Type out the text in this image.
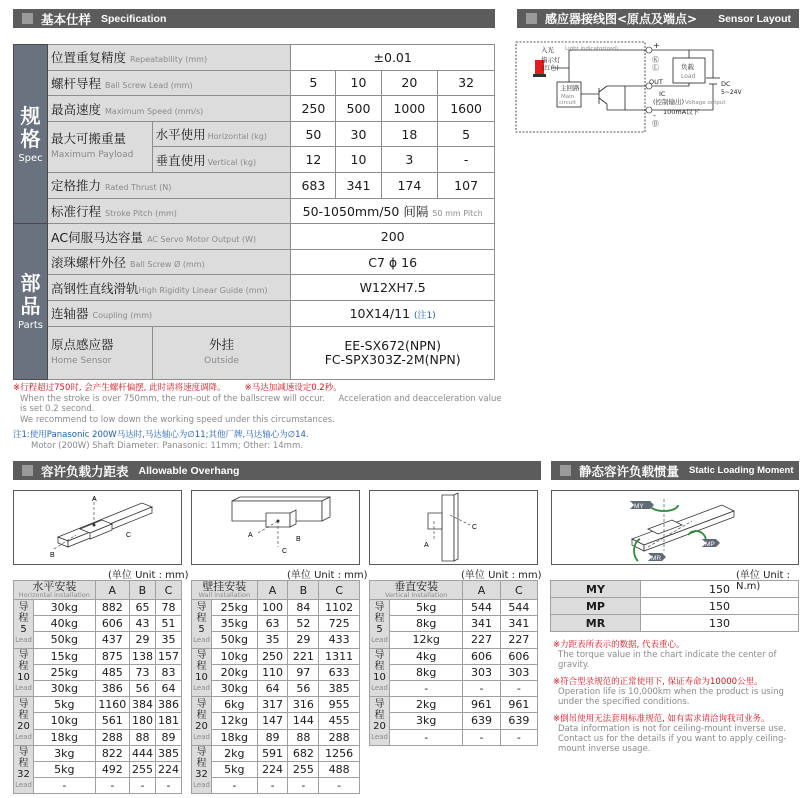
基本仕样 Specification	感应器接线图<原点及端点> Sensor Layout
规
格
Spec	位置重复精度 Repeatability (mm)		±0.01			
	螺杆导程 Ball Screw Lead (mm)		5	10	20	32
	最高速度 Maximum Speed (mm/s)		250	500	1000	1600

	最大可搬重量
Maximum Payload	水平使用 Horizontal (kg)	50	30	18	5
		垂直使用 Vertical (kg)	12	10	3	-
	定格推力 Rated Thrust (N)		683	341	174	107
	标准行程 Stroke Pitch (mm)		50-1050mm/50 间隔 50 mm Pitch			

部
品
Parts	AC伺服马达容量 AC Servo Motor Output (W)		200			
	滚珠螺杆外径 Ball Screw Ø (mm)		C7 ϕ 16			
	高钢性直线滑轨High Rigidity Linear Guide (mm)		W12XH7.5			
	连轴器 Coupling (mm)		10X14/11 (注1)			

	原点感应器
Home Sensor	外挂
Outside	EE-SX672(NPN)
FC-SPX303Z-2M(NPN)			
※行程超过750时, 会产生螺杆偏摆, 此时请将速度调降。 ※马达加减速设定0.2秒。
When the stroke is over 750mm, the run-out of the ballscrew will occur. Acceleration and deacceleration value is set 0.2 second.
We recommend to low down the working speed under this circumstances.
注1:使用Panasonic 200W马达时,马达轴心为∅11;其他厂牌,马达轴心为∅14.
Motor (200W) Shaft Diameter: Panasonic: 11mm; Other: 14mm.
入光 Light indicator(red)
指示灯
(红色)
主回路
Main
circuit
负载
Load
OUT
IC
(控制输出) Voltage output
100mA以下
DC
5~24V
+
-
Ⓚ
Ⓛ
Ⓑ
容许负载力距表 Allowable Overhang	静态容许负载惯量 Static Loading Moment
A
B
C	A
C
B
A
C
MY
MP
MR
(单位 Unit : mm)	(单位 Unit : mm)	(单位 Unit : mm)	(单位 Unit : N.m)
水平安装
Horizontal installation		A	B	C

导
程
5
Lead	30kg	882	65	78
	40kg	606	43	51
	50kg	437	29	35

导
程
10
Lead	15kg	875	138	157
	25kg	485	73	83
	30kg	386	56	64

导
程
20
Lead	5kg	1160	384	386
	10kg	561	180	181
	18kg	288	88	89

导
程
32
Lead	3kg	822	444	385
	5kg	492	255	224
	-	-	-	-
壁挂安装
Wall installation		A	B	C

导
程
5
Lead	25kg	100	84	1102
	35kg	63	52	725
	50kg	35	29	433

导
程
10
Lead	10kg	250	221	1311
	20kg	110	97	633
	30kg	64	56	385

导
程
20
Lead	6kg	317	316	955
	12kg	147	144	455
	18kg	89	88	288

导
程
32
Lead	2kg	591	682	1256
	5kg	224	255	488
	-	-	-	-
垂直安装
Vertical installation		A	C

导
程
5
Lead	5kg	544	544
	8kg	341	341
	12kg	227	227

导
程
10
Lead	4kg	606	606
	8kg	303	303
	-	-	-

导
程
20
Lead	2kg	961	961
	3kg	639	639
	-	-	-
MY	150
MP	150
MR	130
※力距表所表示的数据, 代表重心。
The torque value in the chart indicate the center of gravity.
※符合型录规范的正常使用下, 保证寿命为10000公里。
Operation life is 10,000km when the product is using under the specified conditions.
※倒吊使用无法套用标准规范, 如有需求请洽询我司业务。
Data information is not for ceiling-mount inverse use. Contact us for the details if you want to apply ceiling-mount inverse usage.
